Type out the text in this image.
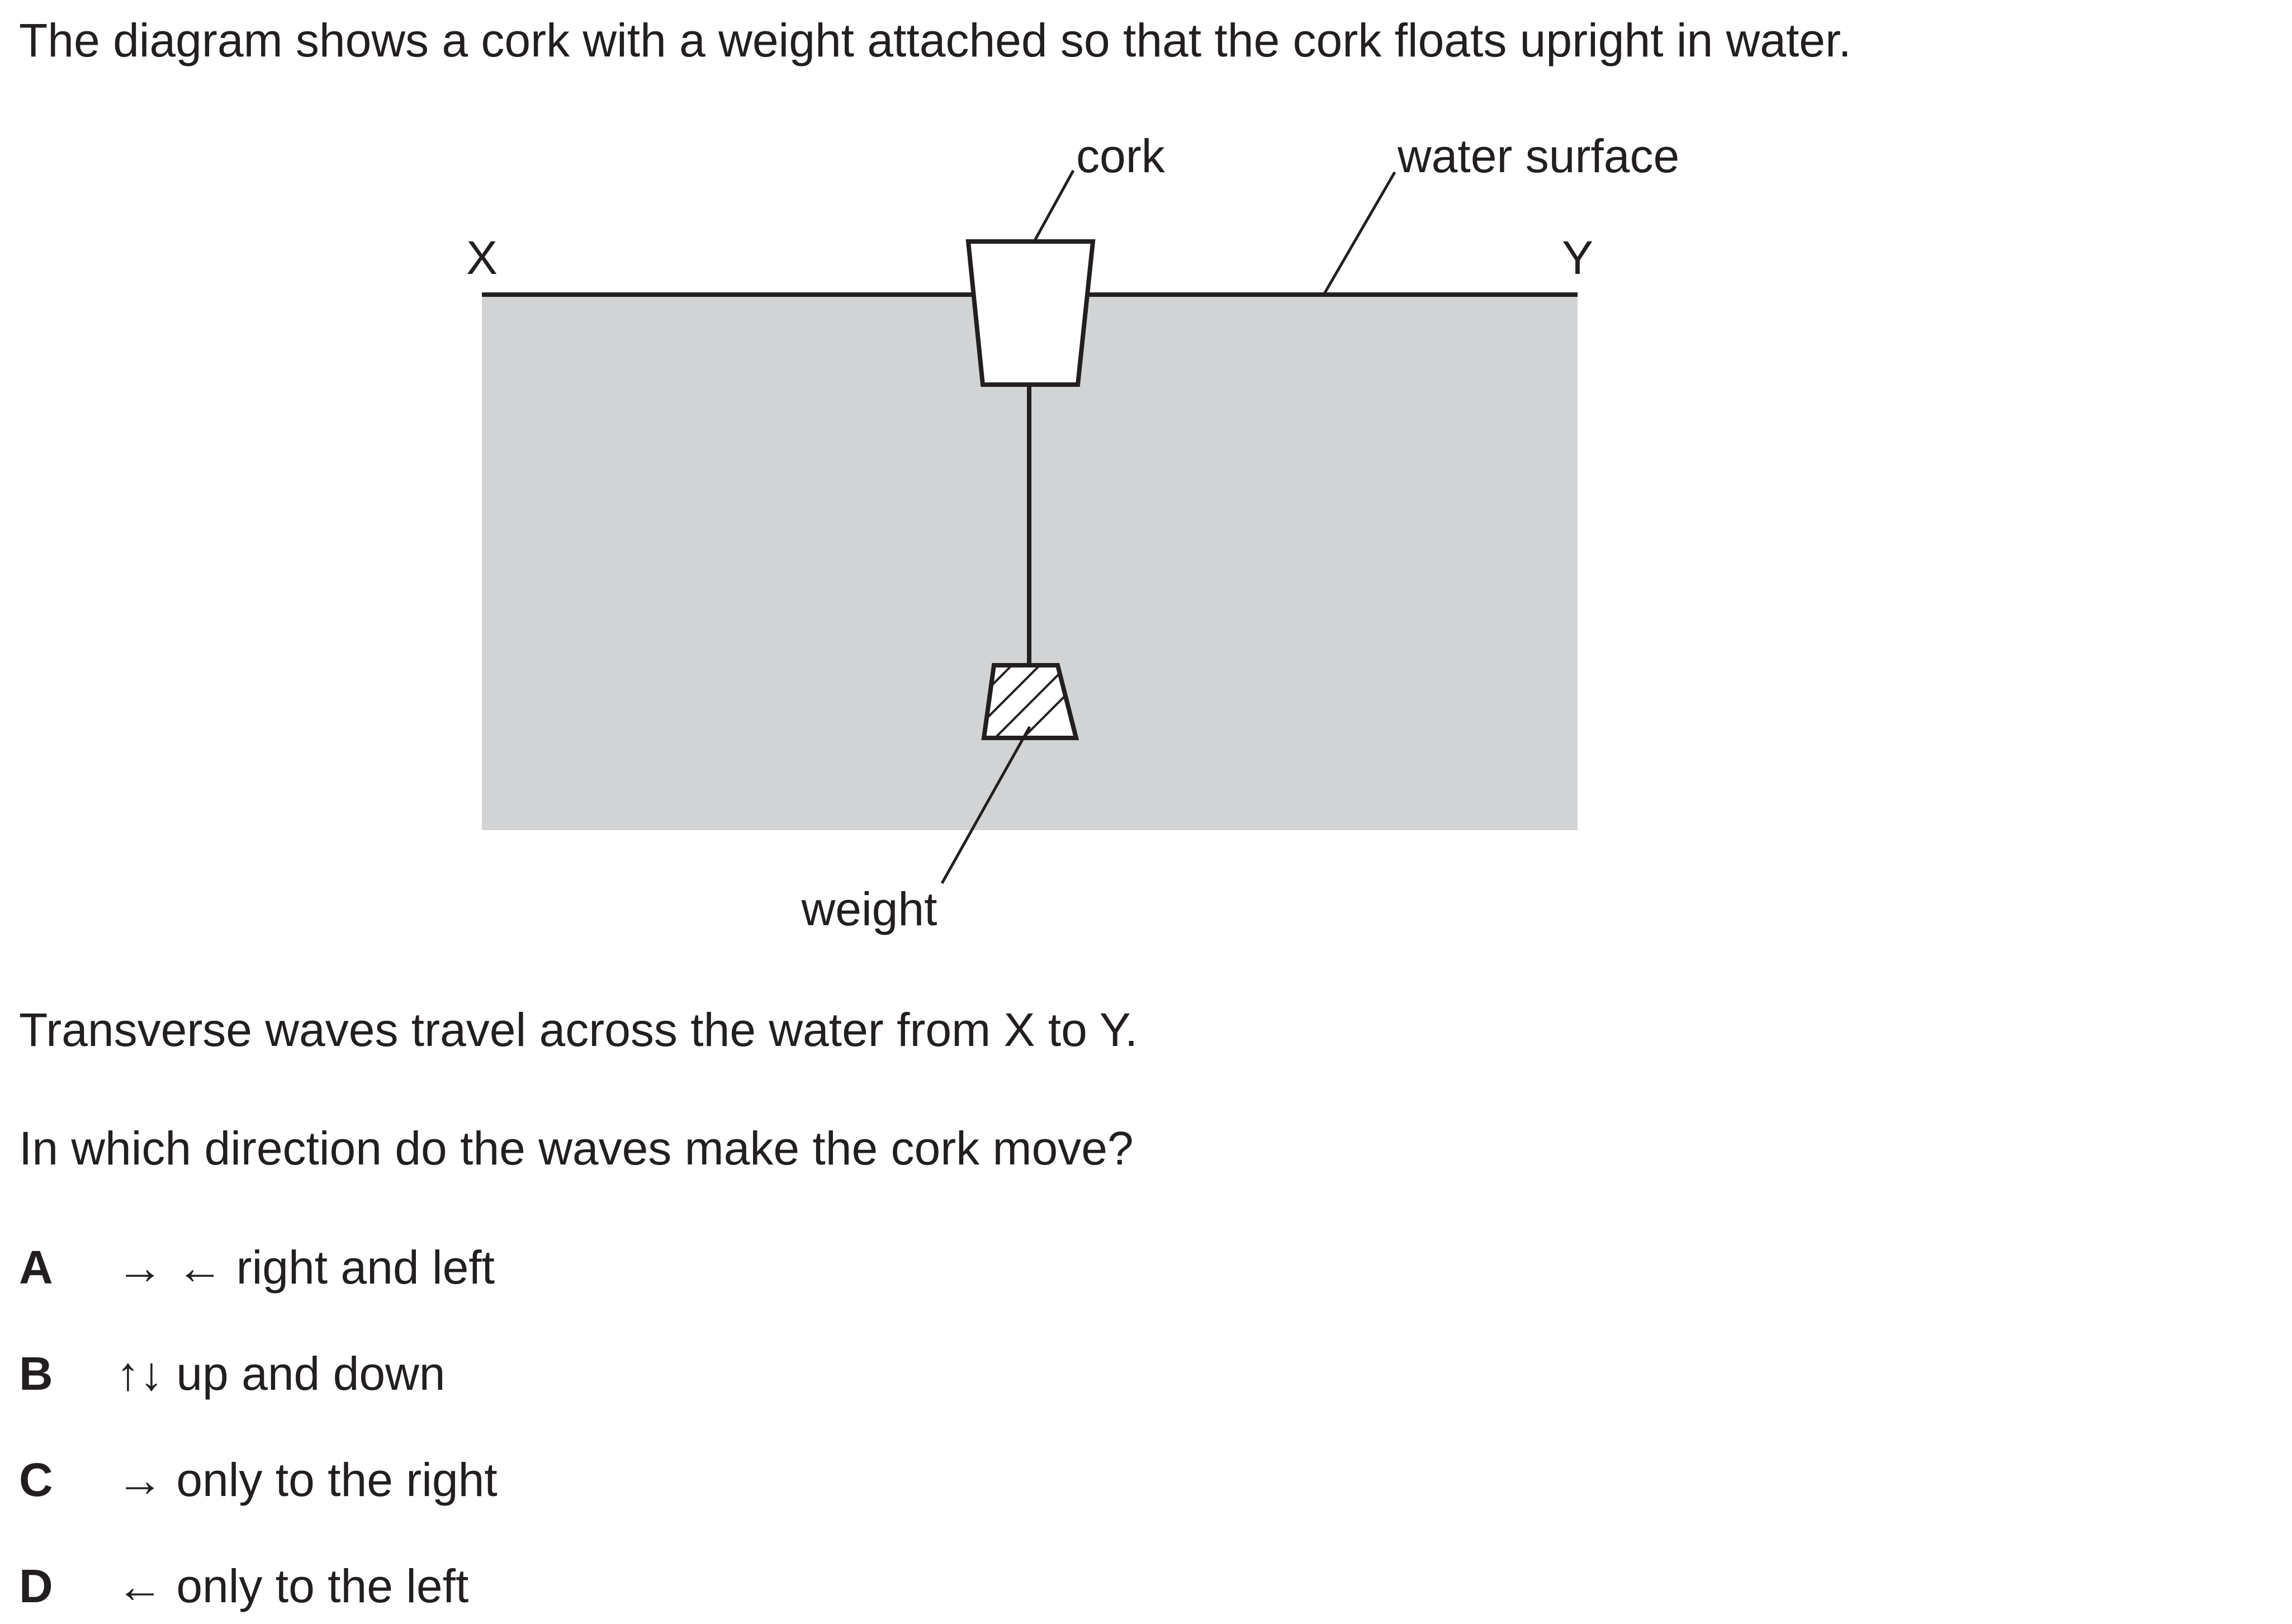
The diagram shows a cork with a weight attached so that the cork floats upright in water.
cork	water surface
X	Y
weight
Transverse waves travel across the water from X to Y.
In which direction do the waves make the cork move?
A → ← right and left
B ↑↓ up and down
C → only to the right
D ← only to the left
